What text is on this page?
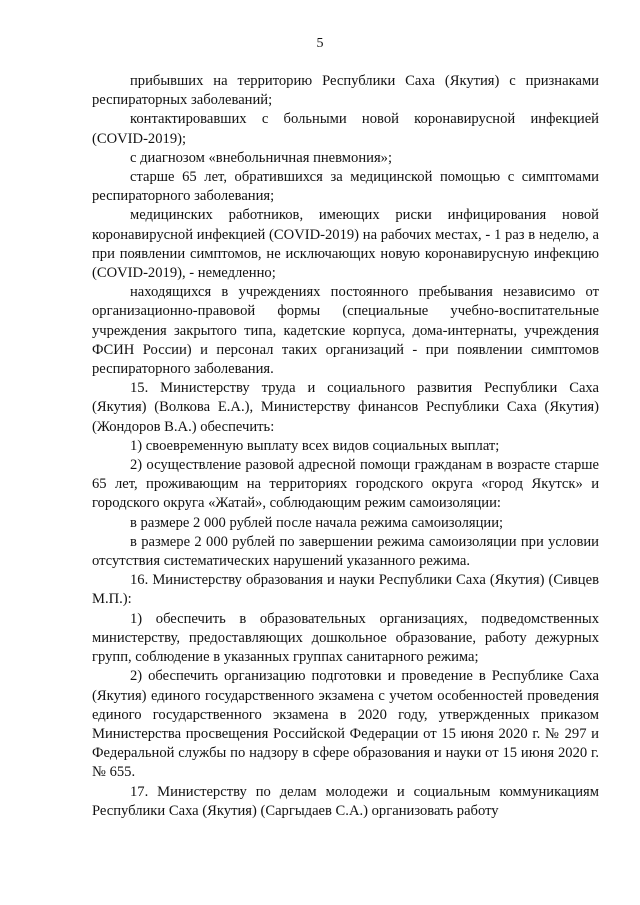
5

прибывших на территорию Республики Саха (Якутия) с признаками респираторных заболеваний;

контактировавших с больными новой коронавирусной инфекцией (COVID-2019);

с диагнозом «внебольничная пневмония»;

старше 65 лет, обратившихся за медицинской помощью с симптомами респираторного заболевания;

медицинских работников, имеющих риски инфицирования новой коронавирусной инфекцией (COVID-2019) на рабочих местах, - 1 раз в неделю, а при появлении симптомов, не исключающих новую коронавирусную инфекцию (COVID-2019), - немедленно;

находящихся в учреждениях постоянного пребывания независимо от организационно-правовой формы (специальные учебно-воспитательные учреждения закрытого типа, кадетские корпуса, дома-интернаты, учреждения ФСИН России) и персонал таких организаций - при появлении симптомов респираторного заболевания.

15. Министерству труда и социального развития Республики Саха (Якутия) (Волкова Е.А.), Министерству финансов Республики Саха (Якутия) (Жондоров В.А.) обеспечить:

1) своевременную выплату всех видов социальных выплат;

2) осуществление разовой адресной помощи гражданам в возрасте старше 65 лет, проживающим на территориях городского округа «город Якутск» и городского округа «Жатай», соблюдающим режим самоизоляции:

в размере 2 000 рублей после начала режима самоизоляции;

в размере 2 000 рублей по завершении режима самоизоляции при условии отсутствия систематических нарушений указанного режима.

16. Министерству образования и науки Республики Саха (Якутия) (Сивцев М.П.):

1) обеспечить в образовательных организациях, подведомственных министерству, предоставляющих дошкольное образование, работу дежурных групп, соблюдение в указанных группах санитарного режима;

2) обеспечить организацию подготовки и проведение в Республике Саха (Якутия) единого государственного экзамена с учетом особенностей проведения единого государственного экзамена в 2020 году, утвержденных приказом Министерства просвещения Российской Федерации от 15 июня 2020 г. № 297 и Федеральной службы по надзору в сфере образования и науки от 15 июня 2020 г. № 655.

17. Министерству по делам молодежи и социальным коммуникациям Республики Саха (Якутия) (Саргыдаев С.А.) организовать работу
